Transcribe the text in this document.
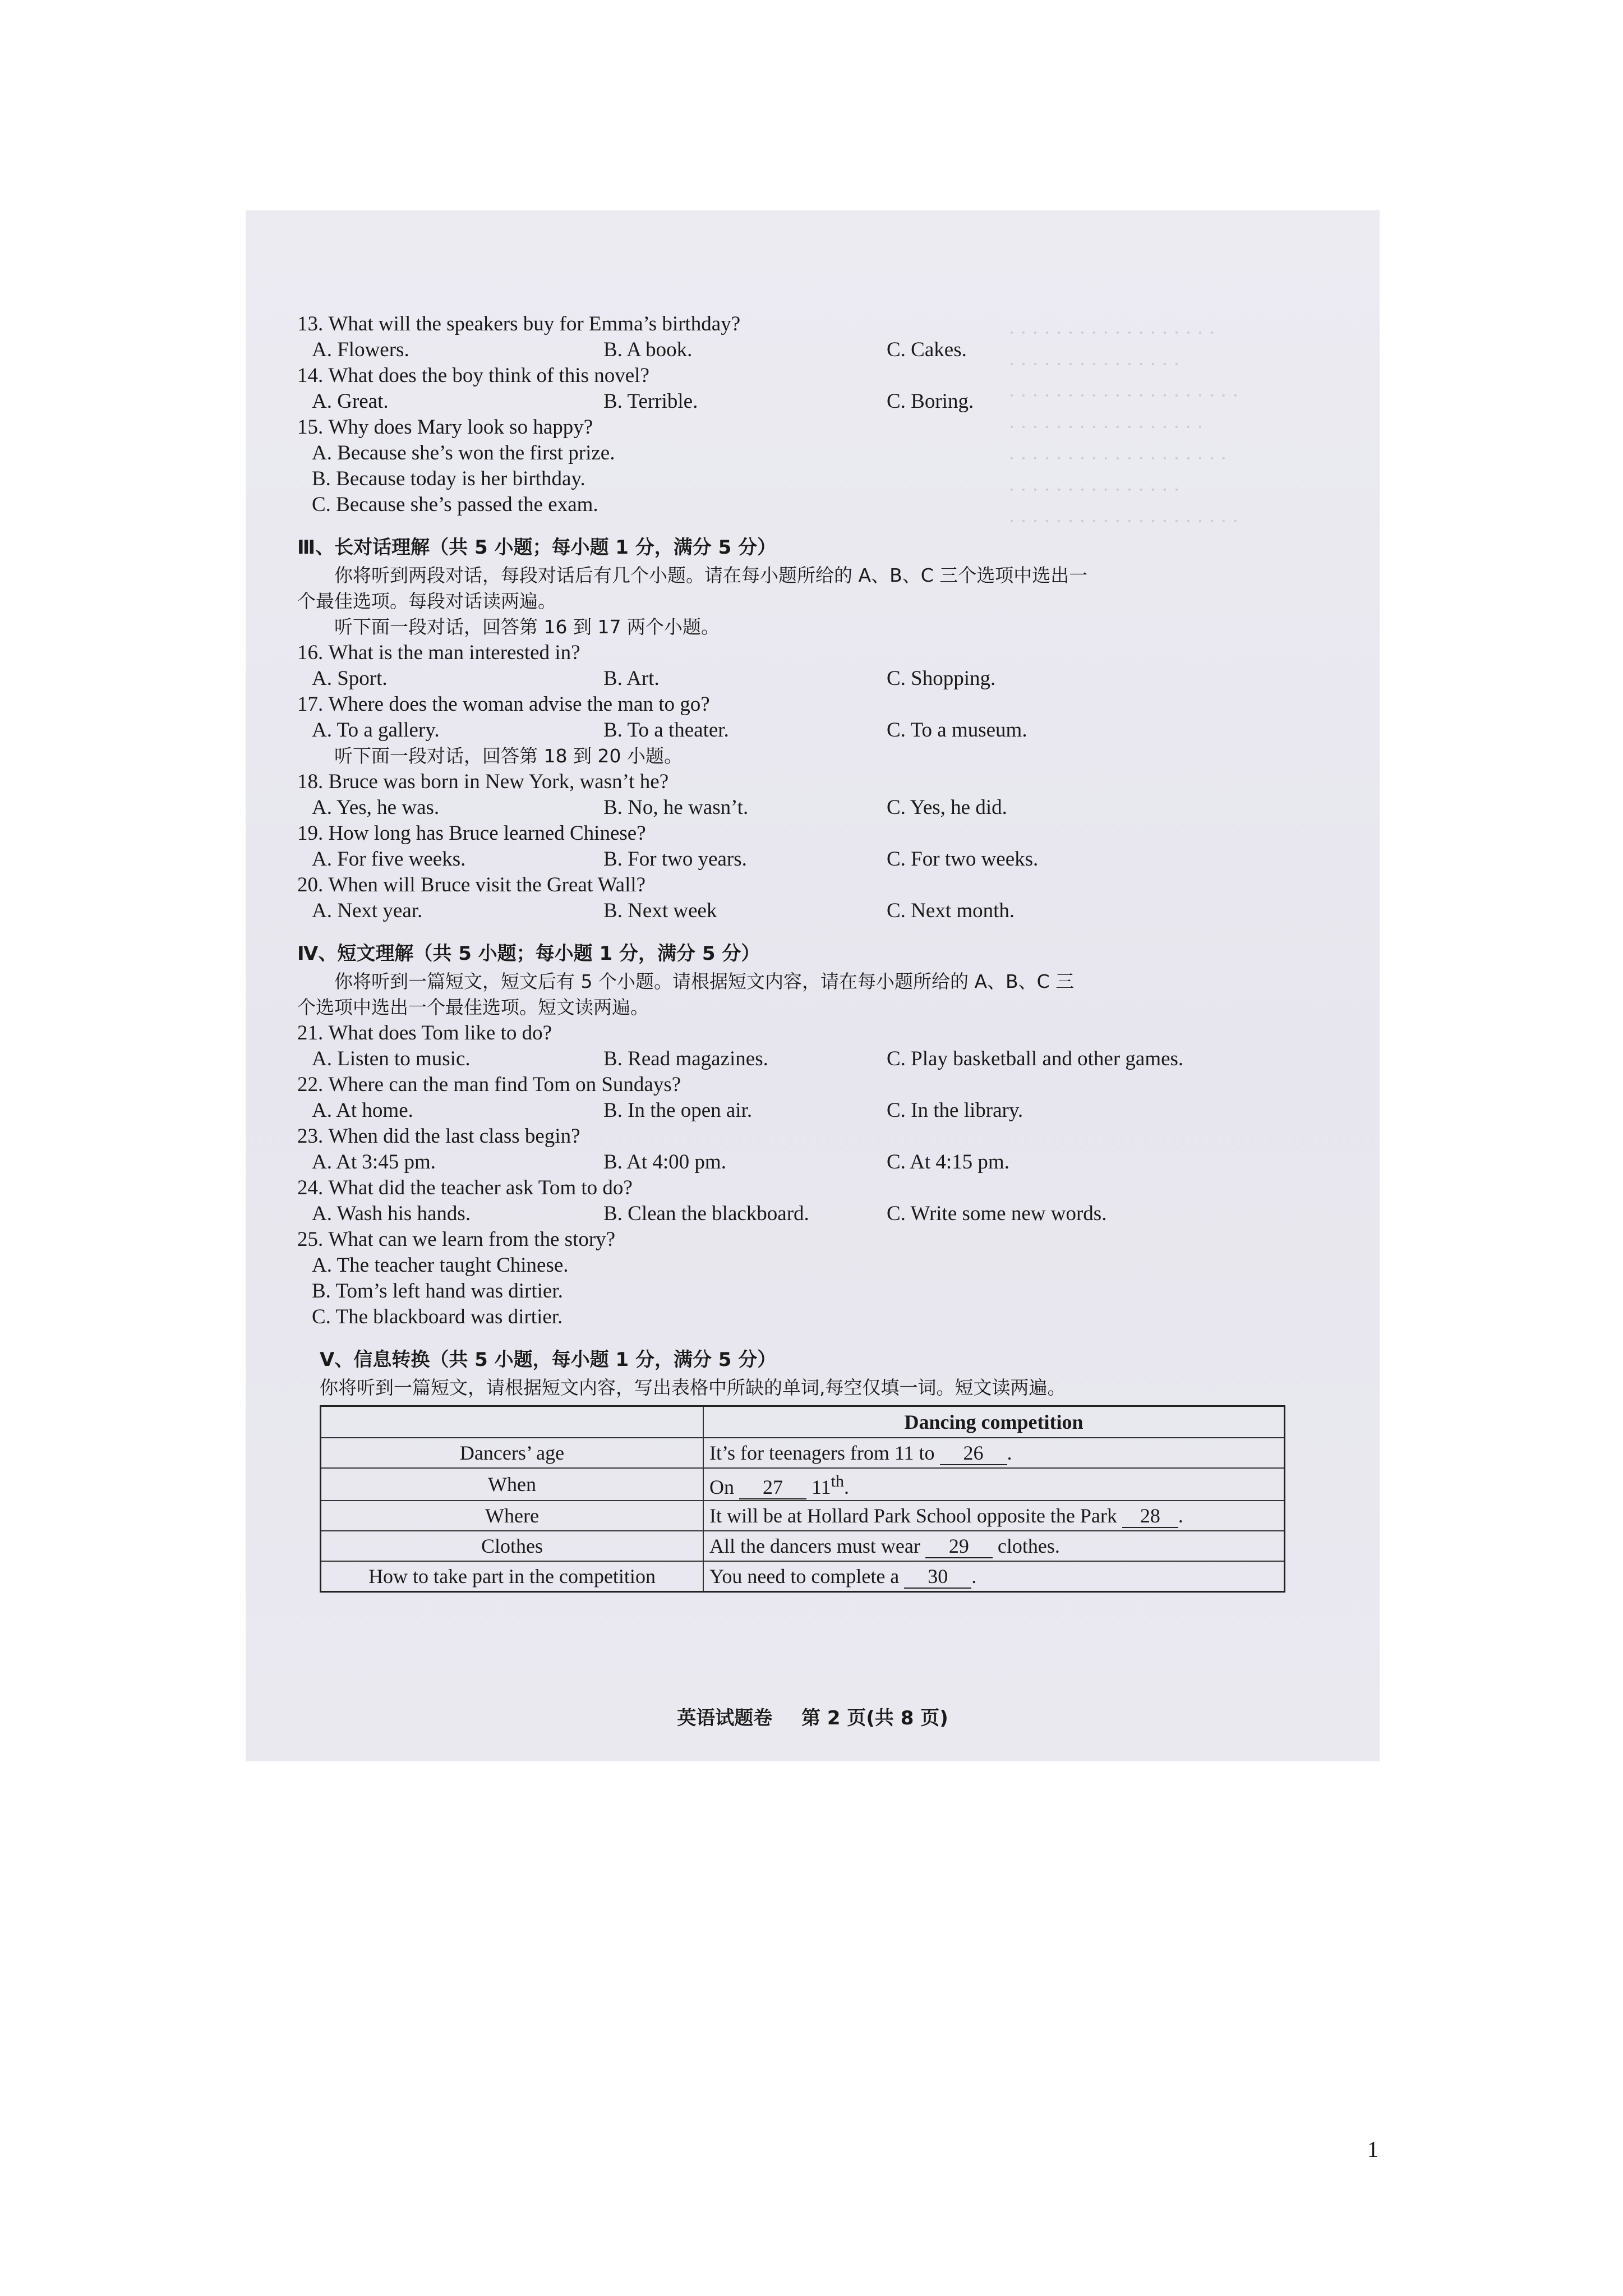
· · · · · · · · · · · · · · · · · ·
· · · · · · · · · · · · · · ·
· · · · · · · · · · · · · · · · · · · ·
· · · · · · · · · · · · · · · · ·
· · · · · · · · · · · · · · · · · · ·
· · · · · · · · · · · · · · ·
· · · · · · · · · · · · · · · · · · · ·
13.
What will the speakers buy for Emma’s birthday?
A. Flowers.	B. A book.	C. Cakes.
14.
What does the boy think of this novel?
A. Great.	B. Terrible.	C. Boring.
15.
Why does Mary look so happy?
A. Because she’s won the first prize.
B. Because today is her birthday.
C. Because she’s passed the exam.
Ⅲ、长对话理解（共 5 小题；每小题 1 分，满分 5 分）
你将听到两段对话，每段对话后有几个小题。请在每小题所给的 A、B、C 三个选项中选出一
个最佳选项。每段对话读两遍。
听下面一段对话，回答第 16 到 17 两个小题。
16.
What is the man interested in?
A. Sport.	B. Art.	C. Shopping.
17.
Where does the woman advise the man to go?
A. To a gallery.	B. To a theater.	C. To a museum.
听下面一段对话，回答第 18 到 20 小题。
18.
Bruce was born in New York, wasn’t he?
A. Yes, he was.	B. No, he wasn’t.	C. Yes, he did.
19.
How long has Bruce learned Chinese?
A. For five weeks.	B. For two years.	C. For two weeks.
20.
When will Bruce visit the Great Wall?
A. Next year.	B. Next week	C. Next month.
Ⅳ、短文理解（共 5 小题；每小题 1 分，满分 5 分）
你将听到一篇短文，短文后有 5 个小题。请根据短文内容，请在每小题所给的 A、B、C 三
个选项中选出一个最佳选项。短文读两遍。
21.
What does Tom like to do?
A. Listen to music.	B. Read magazines.	C. Play basketball and other games.
22.
Where can the man find Tom on Sundays?
A. At home.	B. In the open air.	C. In the library.
23.
When did the last class begin?
A. At 3:45 pm.	B. At 4:00 pm.	C. At 4:15 pm.
24.
What did the teacher ask Tom to do?
A. Wash his hands.	B. Clean the blackboard.	C. Write some new words.
25.
What can we learn from the story?
A. The teacher taught Chinese.
B. Tom’s left hand was dirtier.
C. The blackboard was dirtier.
Ⅴ、信息转换（共 5 小题，每小题 1 分，满分 5 分）
你将听到一篇短文，请根据短文内容，写出表格中所缺的单词,每空仅填一词。短文读两遍。
	Dancing competition
Dancers’ age	It’s for teenagers from 11 to 26 .
When	On 27 11th.
Where	It will be at Hollard Park School opposite the Park 28 .
Clothes	All the dancers must wear 29 clothes.
How to take part in the competition	You need to complete a 30 .
英语试题卷 第 2 页(共 8 页)
1
